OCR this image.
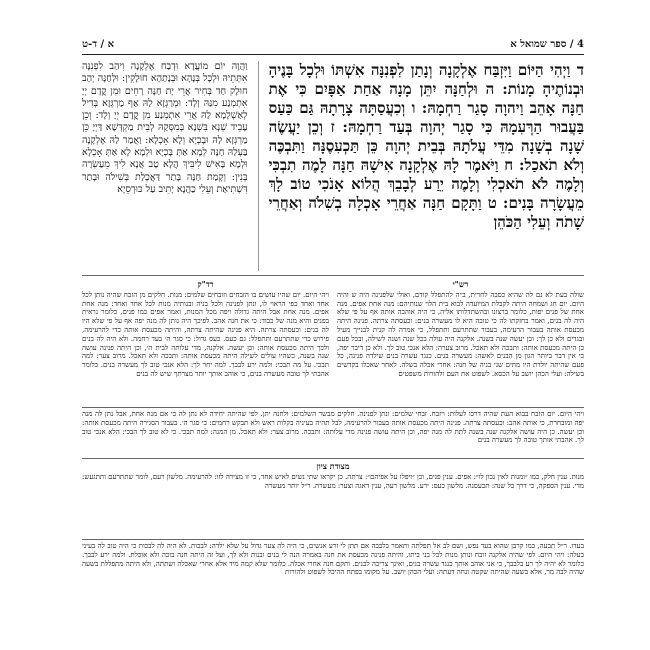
4 / ספר שמואל א
א / ד-ט
ד וַיְהִי הַיּוֹם וַיִּזְבַּח אֶלְקָנָה וְנָתַן לִפְנִנָּה אִשְׁתּוֹ וּלְכָל בָּנֶיהָ וּבְנוֹתֶיהָ מָנוֹת: ה וּלְחַנָּה יִתֵּן מָנָה אַחַת אַפָּיִם כִּי אֶת חַנָּה אָהֵב וַיהוָה סָגַר רַחְמָהּ: ו וְכִעֲסַתָּה צָרָתָהּ גַּם כַּעַס בַּעֲבוּר הַרְּעִמָהּ כִּי סָגַר יְהוָה בְּעַד רַחְמָהּ: ז וְכֵן יַעֲשֶׂה שָׁנָה בְשָׁנָה מִדֵּי עֲלֹתָהּ בְּבֵית יְהוָה כֵּן תַּכְעִסֶנָּה וַתִּבְכֶּה וְלֹא תֹאכַל: ח וַיֹּאמֶר לָהּ אֶלְקָנָה אִישָׁהּ חַנָּה לָמֶה תִבְכִּי וְלָמֶה לֹא תֹאכְלִי וְלָמֶה יֵרַע לְבָבֵךְ הֲלוֹא אָנֹכִי טוֹב לָךְ מֵעֲשָׂרָה בָּנִים: ט וַתָּקָם חַנָּה אַחֲרֵי אָכְלָה בְשִׁלֹה וְאַחֲרֵי שָׁתֹה וְעֵלִי הַכֹּהֵן
וַהֲוָה יוֹם מוֹעֲדָא וּדְבַח אֶלְקָנָה וִיהַב לִפְנִנָּה אִתְּתֵיהּ וּלְכָל בְּנָהָא וּבְנָתַהָא חוּלָקִין: וּלְחַנָּה יְהַב חוּלָק חַד בְּחִיר אֲרֵי יָת חַנָּה רָחֵים וּמִן קֳדָם יְיָ אִתְמְנַע מִנַּהּ וְלָד: וּמְרַגְּזָא לַהּ אַף מַרְגְּזָא בְּדִיל לְאַשְׁלָמָא לַהּ אֲרֵי אִתְמְנַע מִן קֳדָם יְיָ וְלָד: וְכֵן עָבֵיד שְׁנָא בִּשְׁנָא בְּמִסְּקַהּ לְבֵית מַקְדְּשָׁא דַּיְיָ כֵּן מַרְגְּזָא לַהּ וּבָכְיָא וְלָא אָכְלָא: וַאֲמַר לַהּ אֶלְקָנָה בַּעְלַהּ חַנָּה לְמָא אַתְּ בָּכְיָא וּלְמָא לָא אַתְּ אָכְלָא וּלְמָא בָּאִישׁ לִיבִּיךְ הֲלָא טָב אֲנָא לִיךְ מֵעַשְׂרָה בְּנִין: וְקָמַת חַנָּה בָּתַר דַּאֲכָלַת בְּשִׁילֹה וּבָתַר דִּשְׁתִיאַת וְעֵלִי כַהֲנָא יָתֵיב עַל כּוּרְסֵיָא
רש"י
שולה בעת לא נם לה שהיא כסבה לחרית, ב״ה להתפלל קודם, ואולי שלפנינה היה ש והיה היום. יום חג ושמחה היתה לקבלת המיועדה לבוא בית הלוי שנותיהם: מנה אחת אפים. מנה אחת של פנים יפות, כלומר ברצונו ובהשתדלותו אליה, כי היה אוהבה אותה אף על פי שלא היה לה בנים, ואמר בחזקתו לה כי טובה היא לו מעשרה בנים: וכעסתה צרתה. פנינה היתה מכעסת אותה בעבור הרעימה, בעבור שתתרעם ותתפלל, כי אמרה לה קנית לבנייך מעיל ובגדים ולא כן לך: וכן יעשה שנה בשנה. אלקנה היה עולה בכל שנה ושנה לשילה, ובכל פעם כן היתה מכעסת אותה: ותבכה ולא תאכל. מרוב צערה: הלא אנכי טוב לך. ולא כן דיבר יפה, כי אין דבר ביותר הגון מן הבנים לאשה: מעשרה בנים. כנגד עשרה בנים שילדה פנינה, כל פעם שהיתה יולדת היו מתים שני בניה של חנה: אחרי אכלה בשלה. לאחר שאכלו בקדשים בשילה: ועלי הכהן יושב על הכסא. לשפוט את העם ולהורות משפטים
רד"ק
ויהי היום. יום שהיו עושים בו הזבחים וזובחים שלמים: מנות. חלקים מן הזבח שהיה נותן לכל אחד ואחד כפי הראוי לו, ונתן לפנינה ולכל בניה ובנותיה מנות לכל אחד ואחד: מנה אחת אפים. מנה אחת אבל היתה גדולה ויפה מכל המנות, ואמר אפים כמו פנים, כלומר נראית בפנים והיא מנה של כבוד: כי את חנה אהב. לפיכך היה נותן לה מנה יפה אף על פי שלא היו לה בנים: וכעסתה צרתה. היא פנינה שהיתה צרתה, והיתה מכעסת אותה כדי להרעימה, פירוש כדי שתתרעם ותתפלל: גם כעס. כעס גדול: כי סגר ה׳ בעד רחמה. ולא היה לה בנים ולכך היתה מכעסת אותה: וכן יעשה. אלקנה, מדי עלותה לבית ה׳, וכן היתה פנינה עושה שנה בשנה, כשהיו עולים לשילה היתה מכעסת אותה: ותבכה ולא תאכל. מרוב צער: למה תבכי. על מה תבכי: ולמה ירע לבבך. למה יחר לך: הלא אנכי טוב לך מעשרה בנים. כלומר אהבתי לך טובה מעשרה בנים, כי אוהב אותך יותר מצרתך שיש לה בנים
ויהי היום. יום הזבח בבוא העת שהיה דרכו לעלות: ויזבח. זבחי שלמים: ונתן לפנינה. חלקים מבשר השלמים: ולחנה יתן. לפי שהיתה יחידה לא נתן לה כי אם מנה אחת, אבל נתן לה מנה יפה ומובחרת, כי אותה אהב: וכעסתה צרתה. פנינה היתה מכעסת אותה בעבור להרעימה, לבל תהיה בעיניה בקלות ראש ולא תבקש רחמים: כי סגר ה׳. בעבור הסגירה היתה מכעסת אותה: וכן יעשה. כן היה עושה אלקנה שנה בשנה לתת לה מנה יפה, וכן היתה עושה פנינה מדי עלותה: ותבכה. מרוב צער: ולא תאכל. מן המנה: למה תבכי. כי לא טוב לך הבכי: הלא אנכי טוב לך. אהבתי אותך טובה לך מעשרה בנים
מצודת ציון
מנות. ענין חלק, כמו ״ומנות לאין נכון לו״: אפים. ענין פנים, וכן ״ויפלו על אפיהם״: צרתה. כן יקראו שתי נשים לאיש אחד, כי זו מצירה לזו: להרעימה. מלשון רעם, לומר שתתרעם ותתגעש: מדי. ענין הספקה, כי דרך כל שנה: תכעסנה. מלשון כעס: ירע. מלשון רעה, ענין דאגה וצער: מעשרה. ר״ל יותר מעשרה
בעדו. ר״ל תבעה, כמו קרבן שהוא בעד נפש, ושם לב אל תפלתה ותאמר בלבבה אם תתן לי זרע אנשים, כי היה לה צער גדול על שלא ילדה: לבכות. לא היה לה לבכות כי היה טוב לה בעיני בעלה: ויהי היום. לפי שהיה אלקנה זובח ונותן מנות לכל בני ביתו, והיתה פנינה מכעסת את חנה באמרה הנה לי בנים ובנות ולא לך, ועל זה היתה חנה בוכה ולא אוכלת. ולמה ירע לבבך. כלומר לא יהיה לך רע בלבבך, כי אני אוהב אותך כנגד עשרה בנים, ואינך צריכה לבנים. ותקם חנה אחרי אכלה. כלומר שלא קמה מיד אלא אחרי שאכלה ושתתה, ולא היתה מתפללת בשעה שהיה לבה מר, אלא בשעה שהיתה שקטה ונחה דעתה: ועלי הכהן יושב. על מקומו בפתח ההיכל לשפוט ולהורות
